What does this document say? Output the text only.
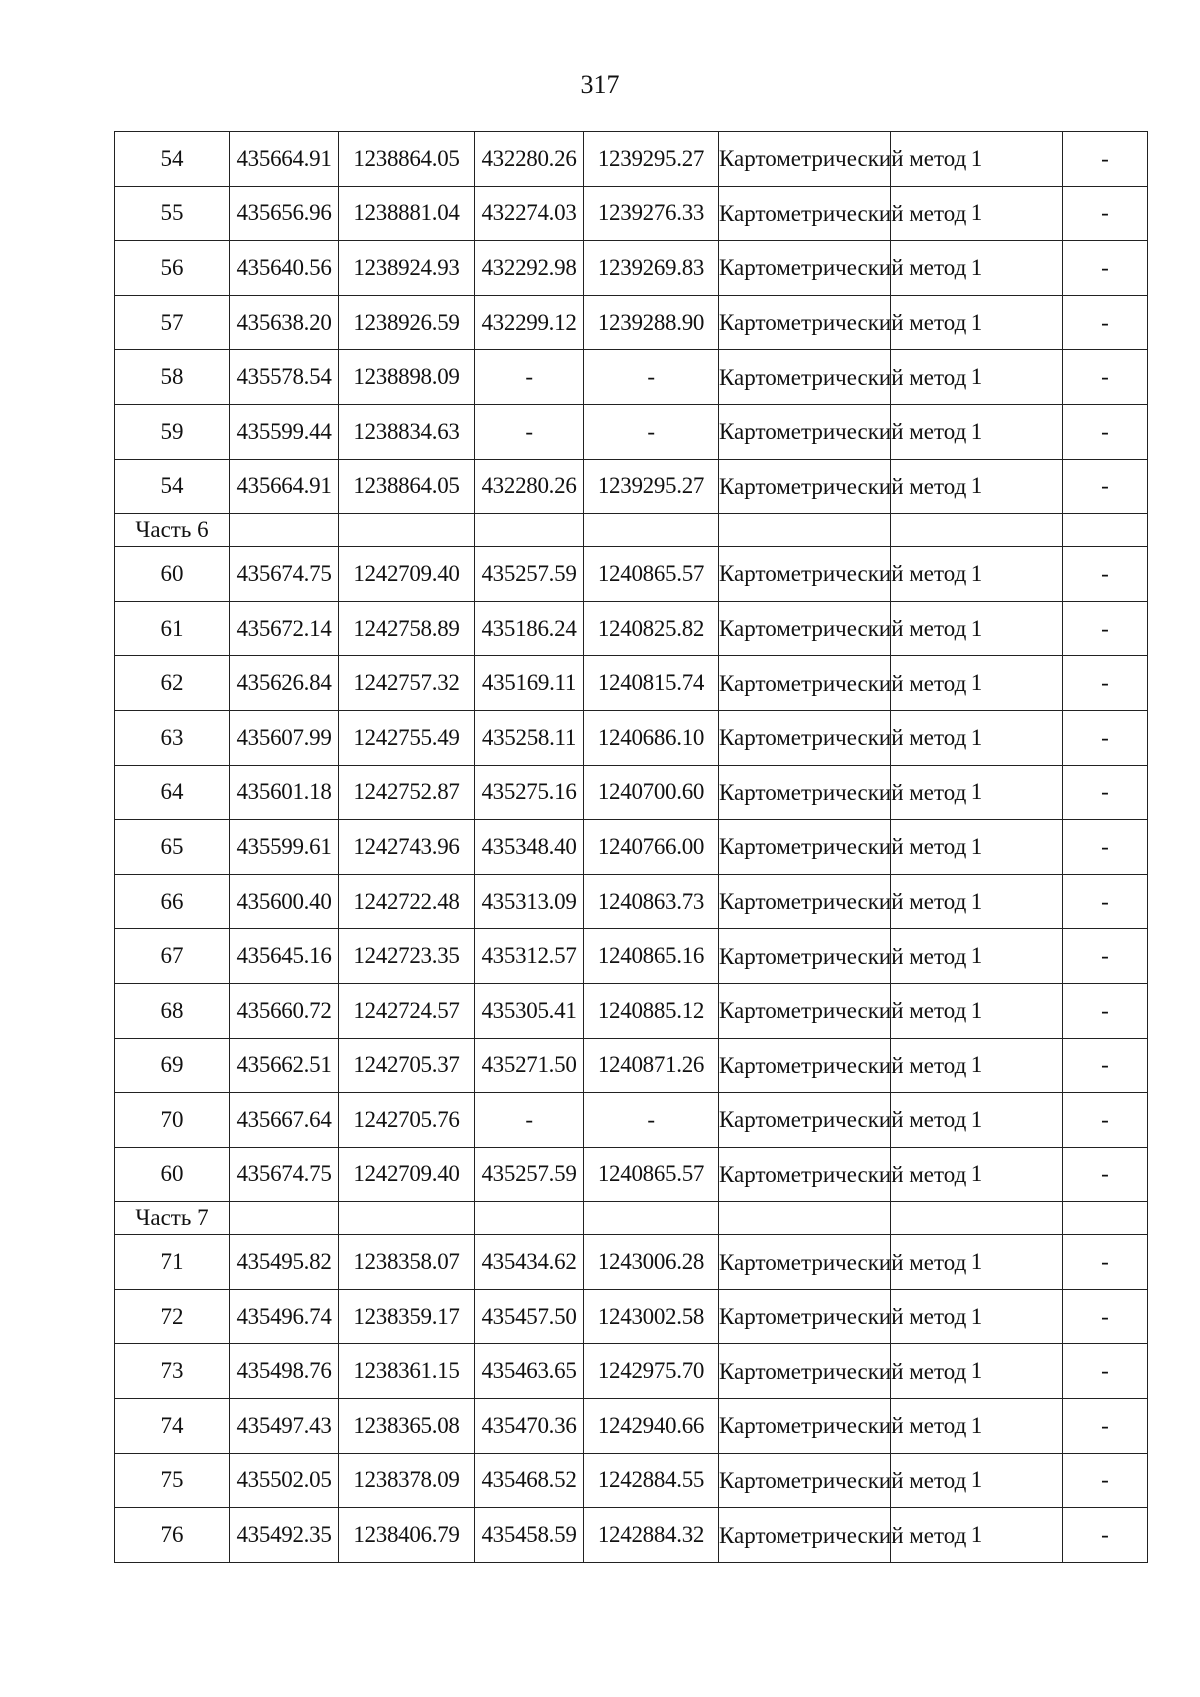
317
54	435664.91	1238864.05	432280.26	1239295.27	Картометрический метод	1	-
55	435656.96	1238881.04	432274.03	1239276.33	Картометрический метод	1	-
56	435640.56	1238924.93	432292.98	1239269.83	Картометрический метод	1	-
57	435638.20	1238926.59	432299.12	1239288.90	Картометрический метод	1	-
58	435578.54	1238898.09	-	-	Картометрический метод	1	-
59	435599.44	1238834.63	-	-	Картометрический метод	1	-
54	435664.91	1238864.05	432280.26	1239295.27	Картометрический метод	1	-
Часть 6							
60	435674.75	1242709.40	435257.59	1240865.57	Картометрический метод	1	-
61	435672.14	1242758.89	435186.24	1240825.82	Картометрический метод	1	-
62	435626.84	1242757.32	435169.11	1240815.74	Картометрический метод	1	-
63	435607.99	1242755.49	435258.11	1240686.10	Картометрический метод	1	-
64	435601.18	1242752.87	435275.16	1240700.60	Картометрический метод	1	-
65	435599.61	1242743.96	435348.40	1240766.00	Картометрический метод	1	-
66	435600.40	1242722.48	435313.09	1240863.73	Картометрический метод	1	-
67	435645.16	1242723.35	435312.57	1240865.16	Картометрический метод	1	-
68	435660.72	1242724.57	435305.41	1240885.12	Картометрический метод	1	-
69	435662.51	1242705.37	435271.50	1240871.26	Картометрический метод	1	-
70	435667.64	1242705.76	-	-	Картометрический метод	1	-
60	435674.75	1242709.40	435257.59	1240865.57	Картометрический метод	1	-
Часть 7							
71	435495.82	1238358.07	435434.62	1243006.28	Картометрический метод	1	-
72	435496.74	1238359.17	435457.50	1243002.58	Картометрический метод	1	-
73	435498.76	1238361.15	435463.65	1242975.70	Картометрический метод	1	-
74	435497.43	1238365.08	435470.36	1242940.66	Картометрический метод	1	-
75	435502.05	1238378.09	435468.52	1242884.55	Картометрический метод	1	-
76	435492.35	1238406.79	435458.59	1242884.32	Картометрический метод	1	-
